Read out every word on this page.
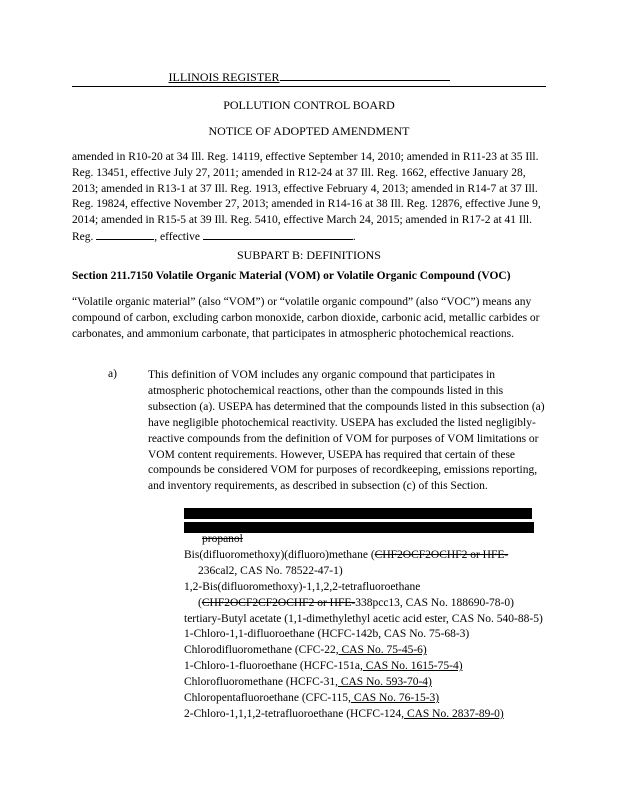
ILLINOIS REGISTER
POLLUTION CONTROL BOARD
NOTICE OF ADOPTED AMENDMENT
amended in R10-20 at 34 Ill. Reg. 14119, effective September 14, 2010; amended in R11-23 at 35 Ill. Reg. 13451, effective July 27, 2011; amended in R12-24 at 37 Ill. Reg. 1662, effective January 28, 2013; amended in R13-1 at 37 Ill. Reg. 1913, effective February 4, 2013; amended in R14-7 at 37 Ill. Reg. 19824, effective November 27, 2013; amended in R14-16 at 38 Ill. Reg. 12876, effective June 9, 2014; amended in R15-5 at 39 Ill. Reg. 5410, effective March 24, 2015; amended in R17-2 at 41 Ill. Reg.	, effective	.
SUBPART B: DEFINITIONS
Section 211.7150 Volatile Organic Material (VOM) or Volatile Organic Compound (VOC)
“Volatile organic material” (also “VOM”) or “volatile organic compound” (also “VOC”) means any compound of carbon, excluding carbon monoxide, carbon dioxide, carbonic acid, metallic carbides or carbonates, and ammonium carbonate, that participates in atmospheric photochemical reactions.
a)	This definition of VOM includes any organic compound that participates in atmospheric photochemical reactions, other than the compounds listed in this subsection (a). USEPA has determined that the compounds listed in this subsection (a) have negligible photochemical reactivity. USEPA has excluded the listed negligibly-reactive compounds from the definition of VOM for purposes of VOM limitations or VOM content requirements. However, USEPA has required that certain of these compounds be considered VOM for purposes of recordkeeping, emissions reporting, and inventory requirements, as described in subsection (c) of this Section.
propanol
Bis(difluoromethoxy)(difluoro)methane (CHF2OCF2OCHF2 or HFE-
236cal2, CAS No. 78522-47-1)
1,2-Bis(difluoromethoxy)-1,1,2,2-tetrafluoroethane
(CHF2OCF2CF2OCHF2 or HFE-338pcc13, CAS No. 188690-78-0)
tertiary-Butyl acetate (1,1-dimethylethyl acetic acid ester, CAS No. 540-88-5)
1-Chloro-1,1-difluoroethane (HCFC-142b, CAS No. 75-68-3)
Chlorodifluoromethane (CFC-22, CAS No. 75-45-6)
1-Chloro-1-fluoroethane (HCFC-151a, CAS No. 1615-75-4)
Chlorofluoromethane (HCFC-31, CAS No. 593-70-4)
Chloropentafluoroethane (CFC-115, CAS No. 76-15-3)
2-Chloro-1,1,1,2-tetrafluoroethane (HCFC-124, CAS No. 2837-89-0)
